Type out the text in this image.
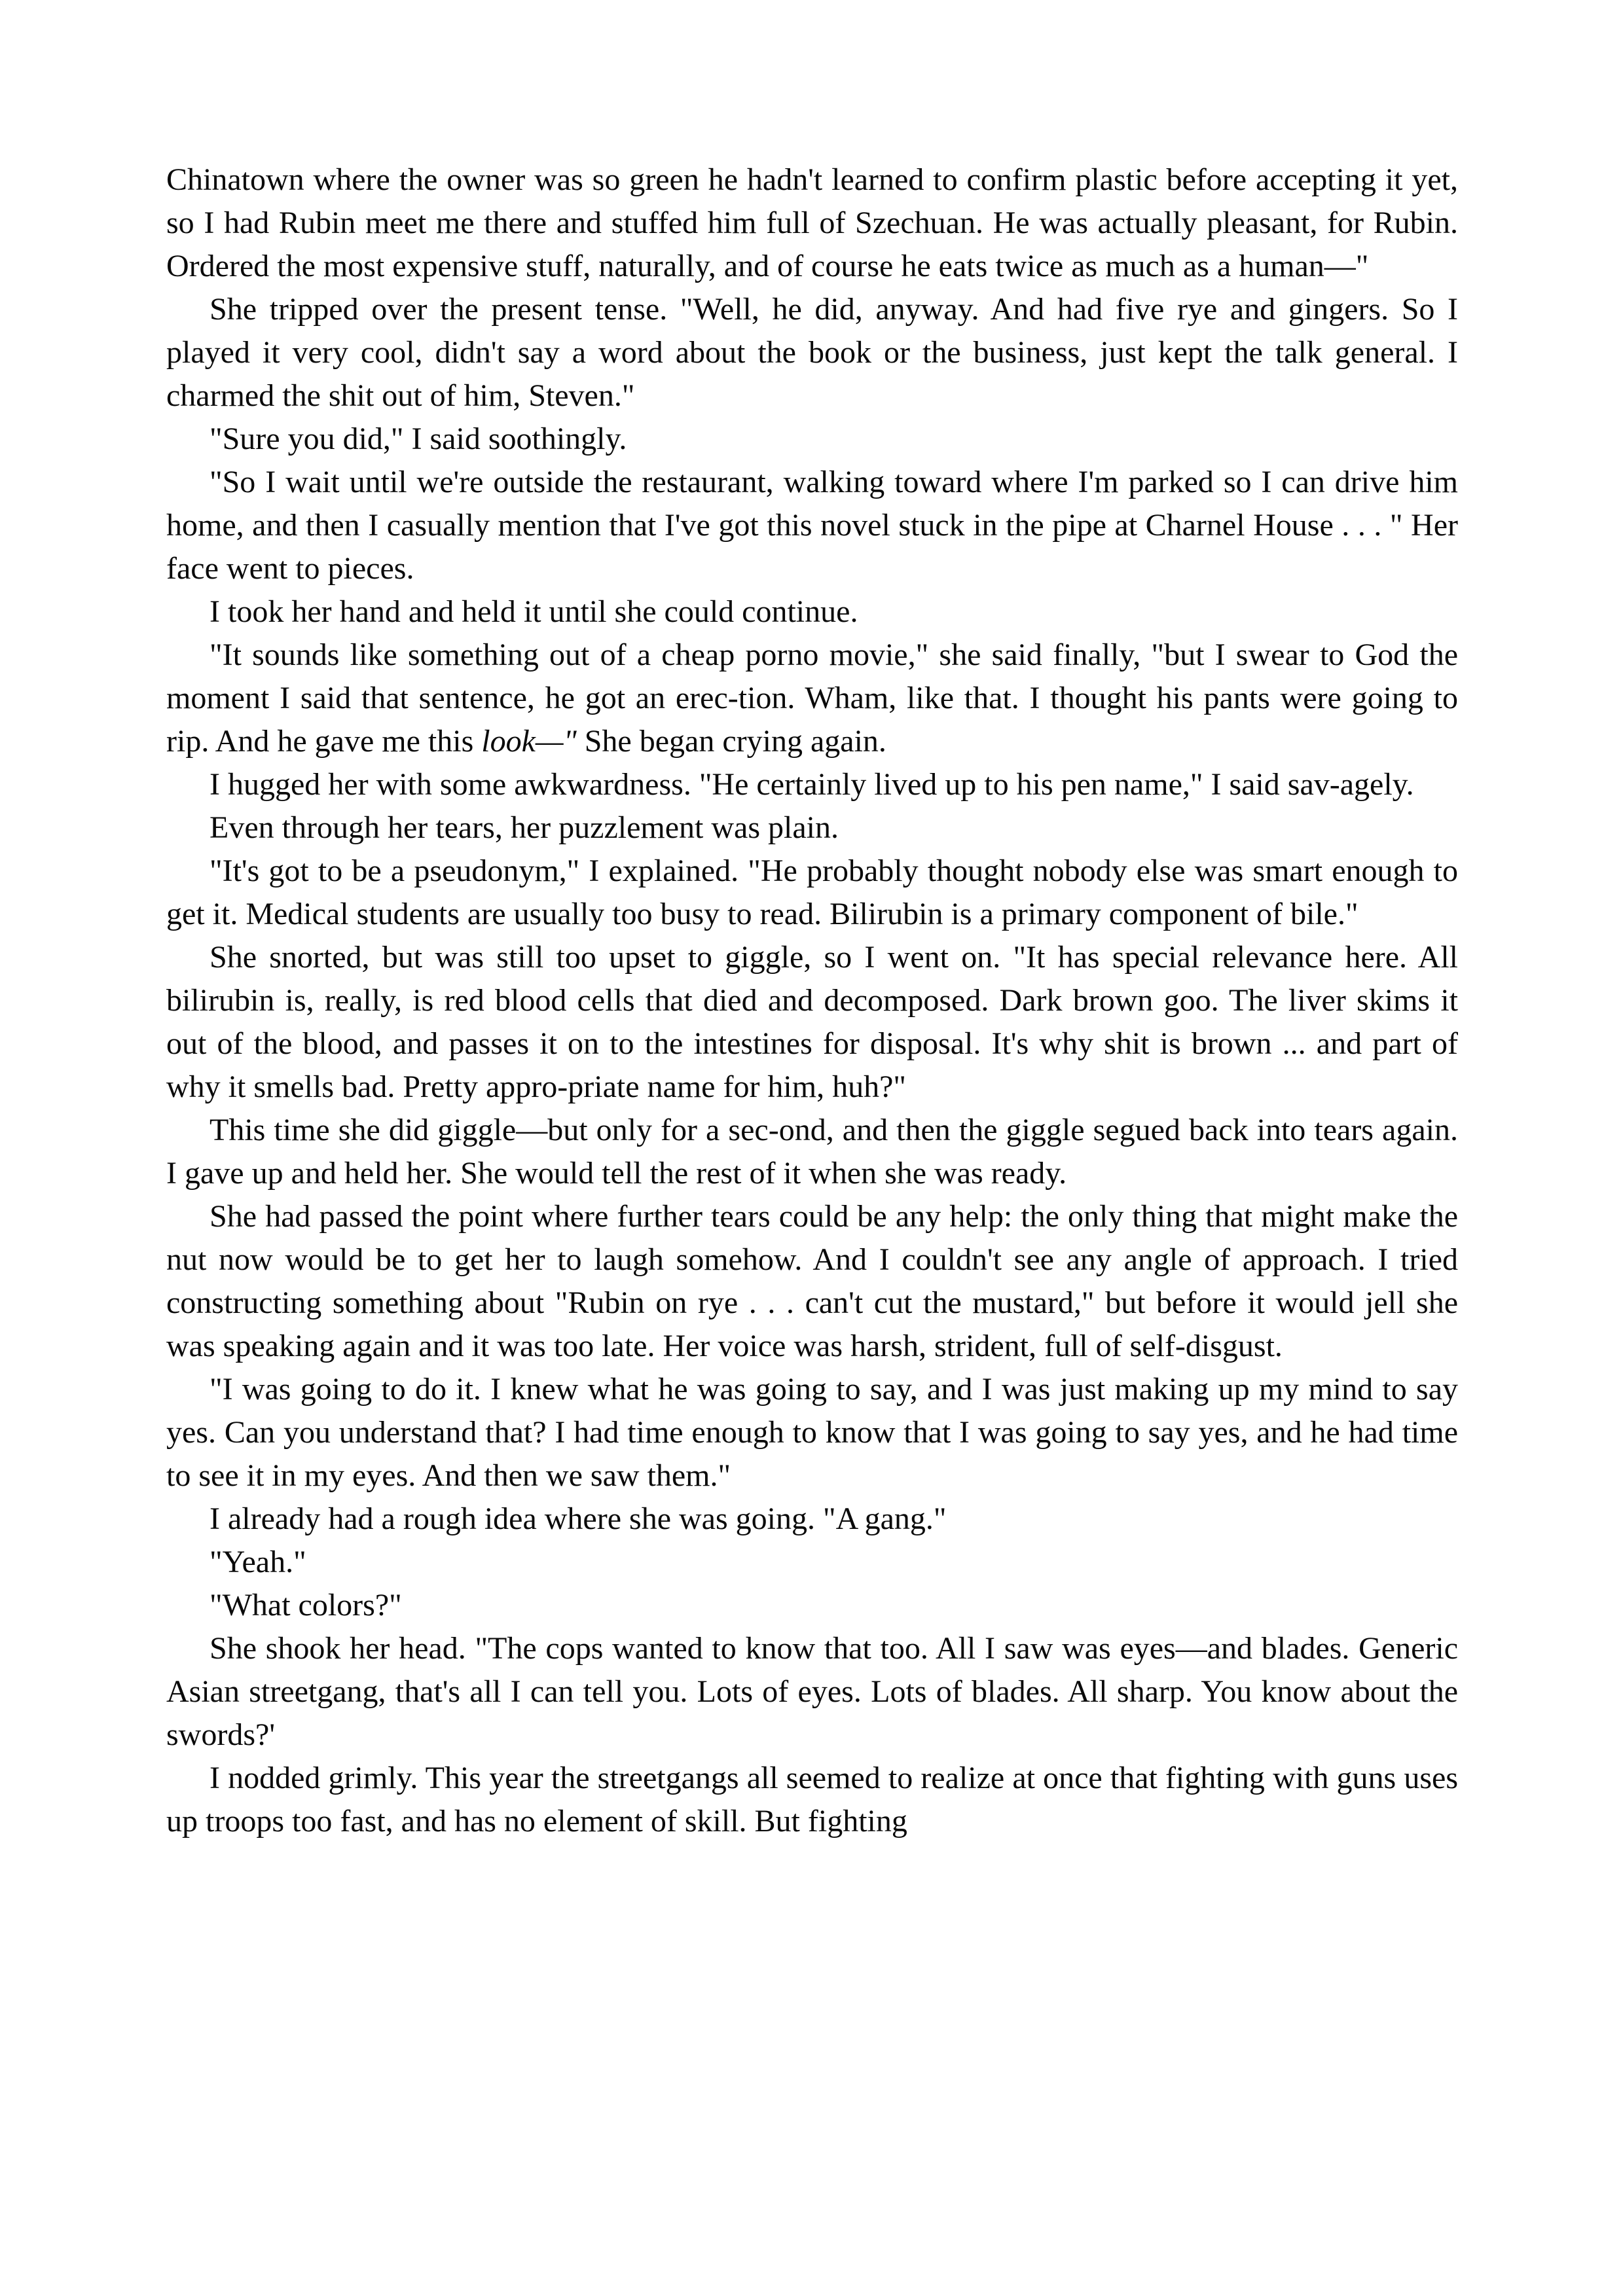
Chinatown where the owner was so green he hadn't learned to confirm plastic before accepting it yet, so I had Rubin meet me there and stuffed him full of Szechuan. He was actually pleasant, for Rubin. Ordered the most expensive stuff, naturally, and of course he eats twice as much as a human—"

She tripped over the present tense. "Well, he did, anyway. And had five rye and gingers. So I played it very cool, didn't say a word about the book or the business, just kept the talk general. I charmed the shit out of him, Steven."

"Sure you did," I said soothingly.

"So I wait until we're outside the restaurant, walking toward where I'm parked so I can drive him home, and then I casually mention that I've got this novel stuck in the pipe at Charnel House . . . " Her face went to pieces.

I took her hand and held it until she could continue.

"It sounds like something out of a cheap porno movie," she said finally, "but I swear to God the moment I said that sentence, he got an erec-tion. Wham, like that. I thought his pants were going to rip. And he gave me this look—" She began crying again.

I hugged her with some awkwardness. "He certainly lived up to his pen name," I said sav-agely.

Even through her tears, her puzzlement was plain.

"It's got to be a pseudonym," I explained. "He probably thought nobody else was smart enough to get it. Medical students are usually too busy to read. Bilirubin is a primary component of bile."

She snorted, but was still too upset to giggle, so I went on. "It has special relevance here. All bilirubin is, really, is red blood cells that died and decomposed. Dark brown goo. The liver skims it out of the blood, and passes it on to the intestines for disposal. It's why shit is brown ... and part of why it smells bad. Pretty appro-priate name for him, huh?"

This time she did giggle—but only for a sec-ond, and then the giggle segued back into tears again. I gave up and held her. She would tell the rest of it when she was ready.

She had passed the point where further tears could be any help: the only thing that might make the nut now would be to get her to laugh somehow. And I couldn't see any angle of approach. I tried constructing something about "Rubin on rye . . . can't cut the mustard," but before it would jell she was speaking again and it was too late. Her voice was harsh, strident, full of self-disgust.

"I was going to do it. I knew what he was going to say, and I was just making up my mind to say yes. Can you understand that? I had time enough to know that I was going to say yes, and he had time to see it in my eyes. And then we saw them."

I already had a rough idea where she was going. "A gang."

"Yeah."

"What colors?"

She shook her head. "The cops wanted to know that too. All I saw was eyes—and blades. Generic Asian streetgang, that's all I can tell you. Lots of eyes. Lots of blades. All sharp. You know about the swords?'

I nodded grimly. This year the streetgangs all seemed to realize at once that fighting with guns uses up troops too fast, and has no element of skill. But fighting
